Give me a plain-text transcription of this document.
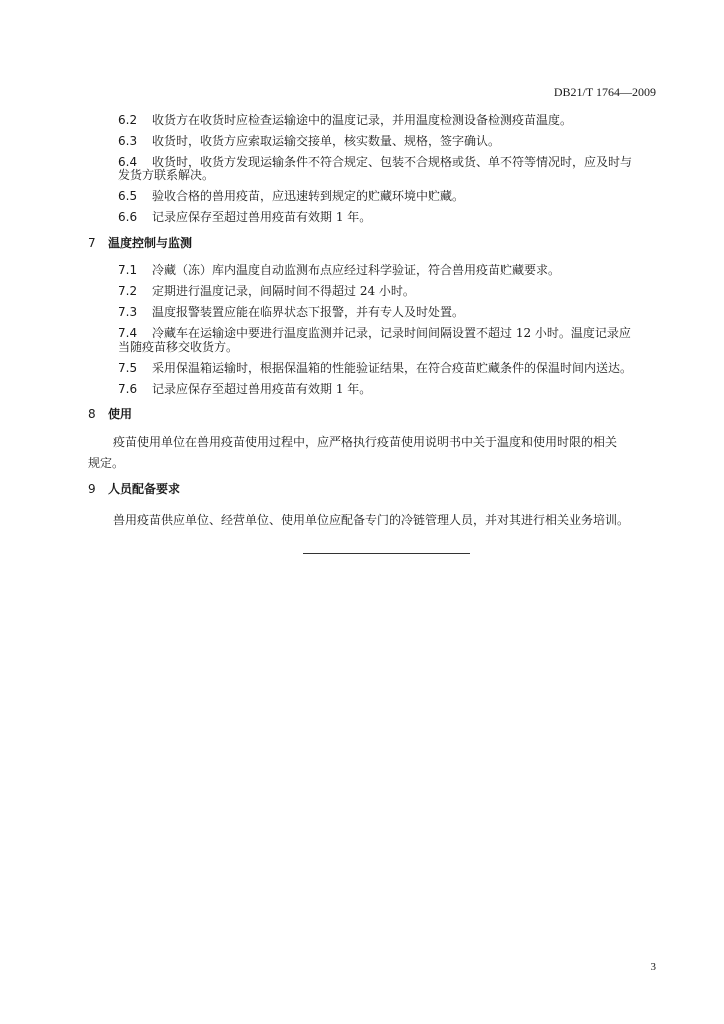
DB21/T 1764—2009
6.2 收货方在收货时应检查运输途中的温度记录，并用温度检测设备检测疫苗温度。
6.3 收货时，收货方应索取运输交接单，核实数量、规格，签字确认。
6.4 收货时，收货方发现运输条件不符合规定、包装不合规格或货、单不符等情况时，应及时与
发货方联系解决。
6.5 验收合格的兽用疫苗，应迅速转到规定的贮藏环境中贮藏。
6.6 记录应保存至超过兽用疫苗有效期 1 年。
7 温度控制与监测
7.1 冷藏（冻）库内温度自动监测布点应经过科学验证，符合兽用疫苗贮藏要求。
7.2 定期进行温度记录，间隔时间不得超过 24 小时。
7.3 温度报警装置应能在临界状态下报警，并有专人及时处置。
7.4 冷藏车在运输途中要进行温度监测并记录，记录时间间隔设置不超过 12 小时。温度记录应
当随疫苗移交收货方。
7.5 采用保温箱运输时，根据保温箱的性能验证结果，在符合疫苗贮藏条件的保温时间内送达。
7.6 记录应保存至超过兽用疫苗有效期 1 年。
8 使用
疫苗使用单位在兽用疫苗使用过程中，应严格执行疫苗使用说明书中关于温度和使用时限的相关
规定。
9 人员配备要求
兽用疫苗供应单位、经营单位、使用单位应配备专门的冷链管理人员，并对其进行相关业务培训。
3
